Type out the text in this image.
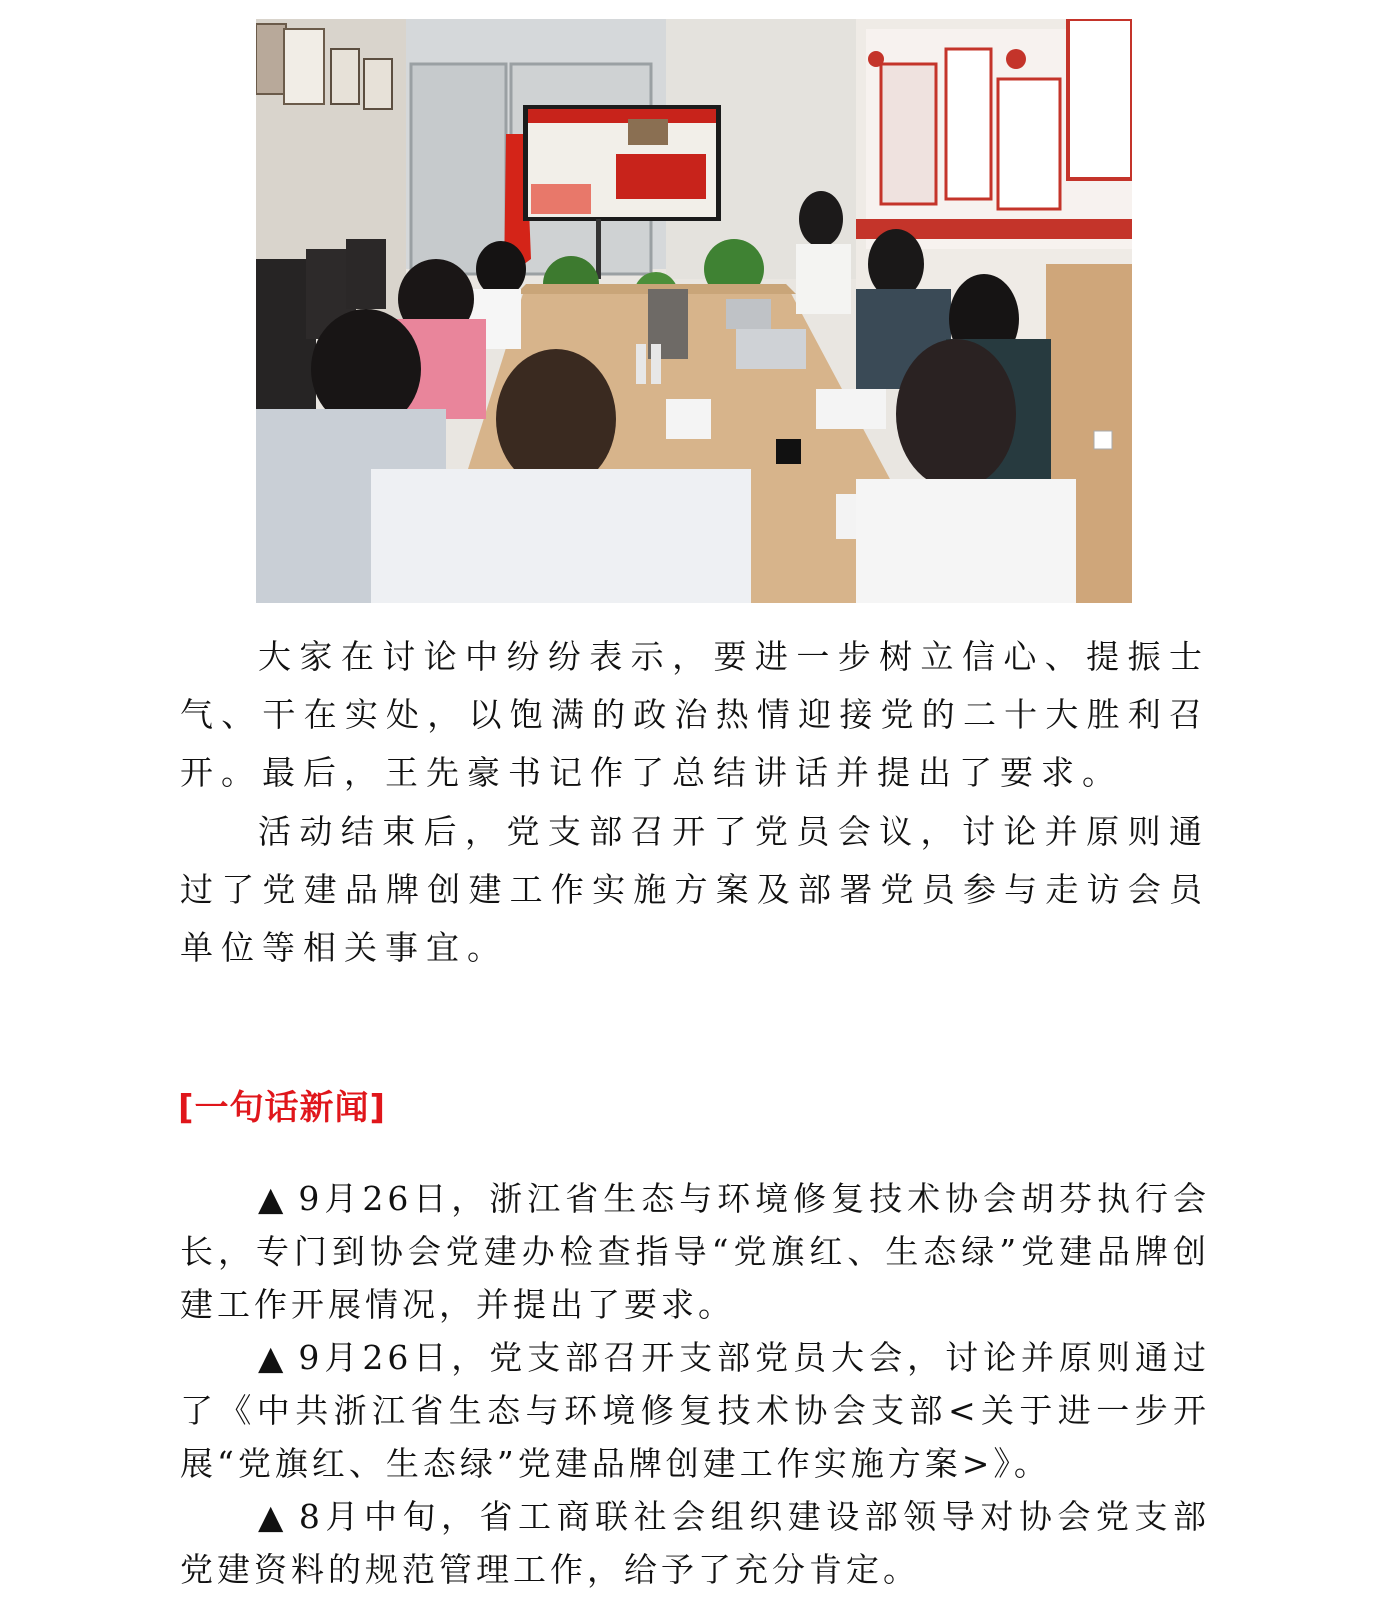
大家在讨论中纷纷表示，要进一步树立信心、提振士气、干在实处，以饱满的政治热情迎接党的二十大胜利召开。最后，王先豪书记作了总结讲话并提出了要求。

活动结束后，党支部召开了党员会议，讨论并原则通过了党建品牌创建工作实施方案及部署党员参与走访会员单位等相关事宜。

[一句话新闻]

▲9月26日，浙江省生态与环境修复技术协会胡芬执行会长，专门到协会党建办检查指导“党旗红、生态绿”党建品牌创建工作开展情况，并提出了要求。

▲9月26日，党支部召开支部党员大会，讨论并原则通过了《中共浙江省生态与环境修复技术协会支部<关于进一步开展“党旗红、生态绿”党建品牌创建工作实施方案>》。

▲8月中旬，省工商联社会组织建设部领导对协会党支部党建资料的规范管理工作，给予了充分肯定。
